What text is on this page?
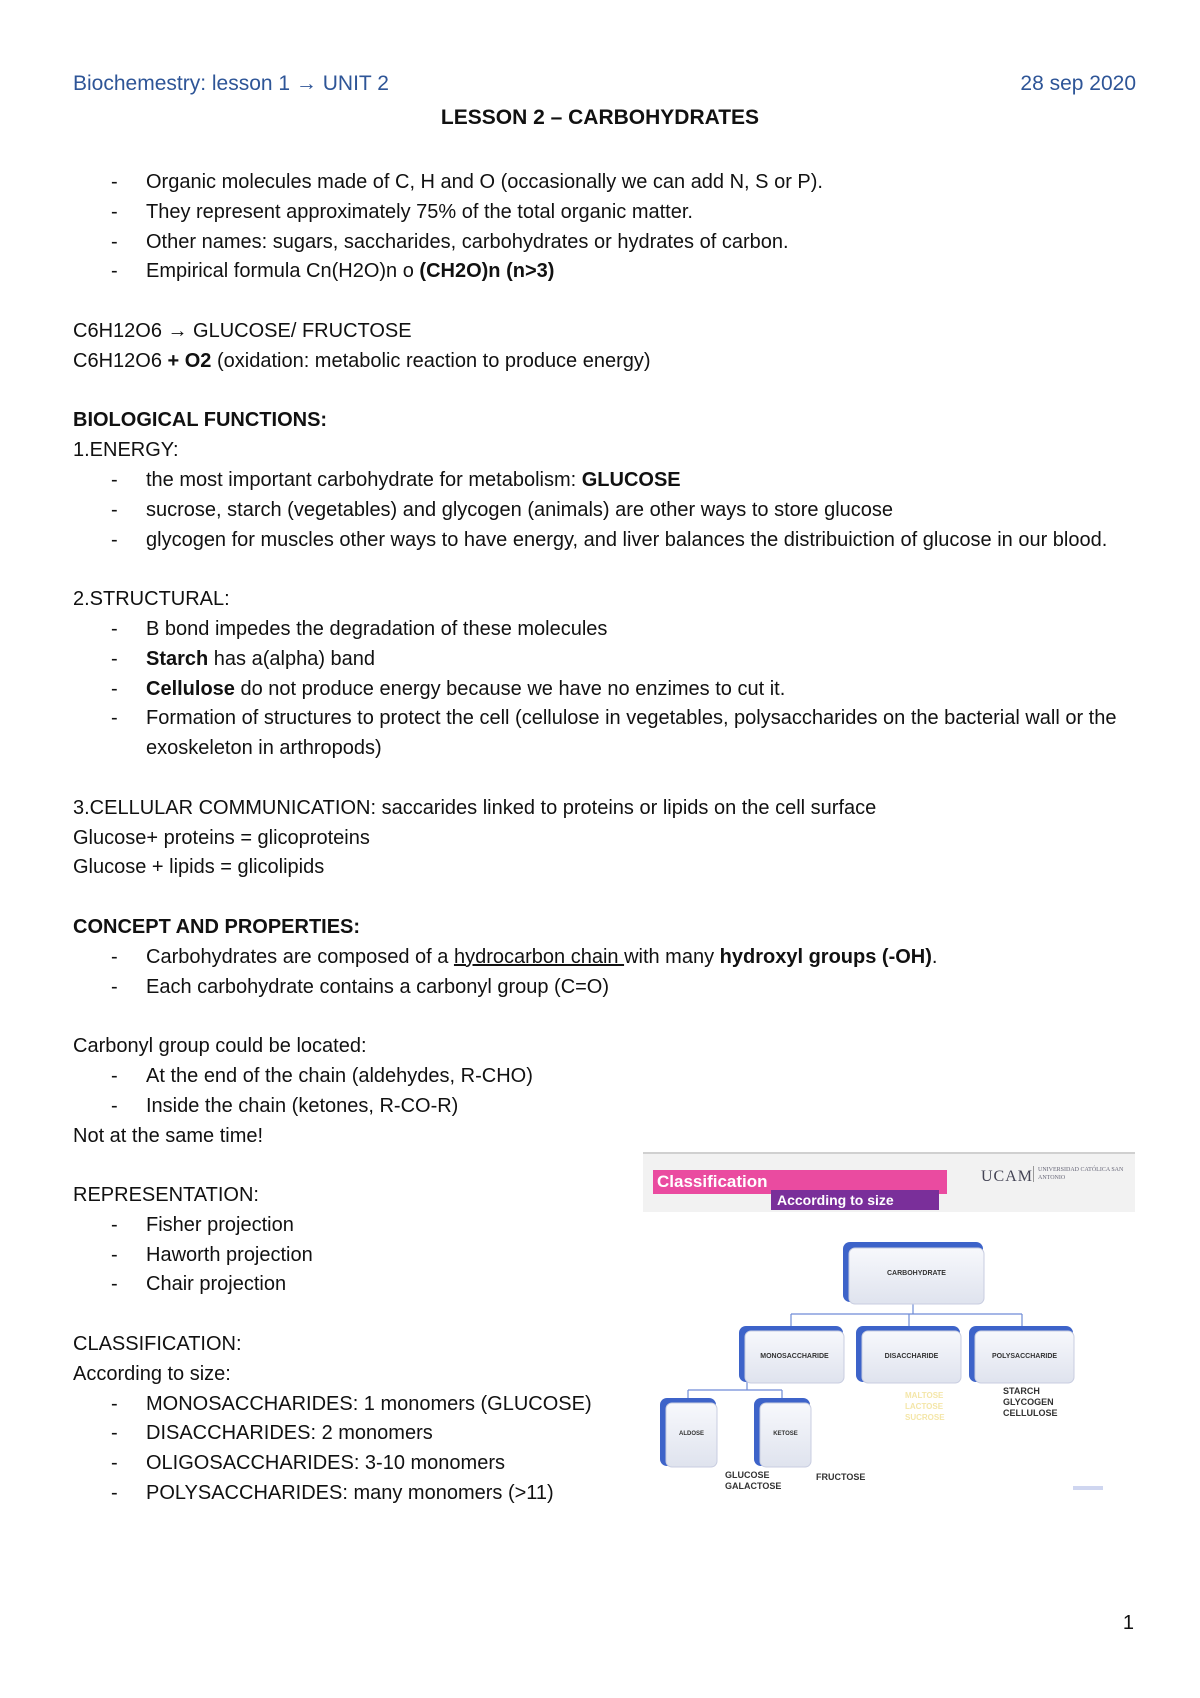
Biochemestry: lesson 1 → UNIT 2	28 sep 2020
LESSON 2 – CARBOHYDRATES
- Organic molecules made of C, H and O (occasionally we can add N, S or P).
- They represent approximately 75% of the total organic matter.
- Other names: sugars, saccharides, carbohydrates or hydrates of carbon.
- Empirical formula Cn(H2O)n o (CH2O)n (n>3)
C6H12O6 → GLUCOSE/ FRUCTOSE
C6H12O6 + O2 (oxidation: metabolic reaction to produce energy)
BIOLOGICAL FUNCTIONS:
1.ENERGY:
- the most important carbohydrate for metabolism: GLUCOSE
- sucrose, starch (vegetables) and glycogen (animals) are other ways to store glucose
- glycogen for muscles other ways to have energy, and liver balances the distribuiction of glucose in our blood.
2.STRUCTURAL:
- B bond impedes the degradation of these molecules
- Starch has a(alpha) band
- Cellulose do not produce energy because we have no enzimes to cut it.
- Formation of structures to protect the cell (cellulose in vegetables, polysaccharides on the bacterial wall or the exoskeleton in arthropods)
3.CELLULAR COMMUNICATION: saccarides linked to proteins or lipids on the cell surface
Glucose+ proteins = glicoproteins
Glucose + lipids = glicolipids
CONCEPT AND PROPERTIES:
- Carbohydrates are composed of a hydrocarbon chain with many hydroxyl groups (-OH).
- Each carbohydrate contains a carbonyl group (C=O)
Carbonyl group could be located:
- At the end of the chain (aldehydes, R-CHO)
- Inside the chain (ketones, R-CO-R)
Not at the same time!
REPRESENTATION:
- Fisher projection
- Haworth projection
- Chair projection
CLASSIFICATION:
According to size:
- MONOSACCHARIDES: 1 monomers (GLUCOSE)
- DISACCHARIDES: 2 monomers
- OLIGOSACCHARIDES: 3-10 monomers
- POLYSACCHARIDES: many monomers (>11)
Classification
According to size
UCAM UNIVERSIDAD CATÓLICA SAN ANTONIO
CARBOHYDRATE
MONOSACCHARIDE	DISACCHARIDE	POLYSACCHARIDE
ALDOSE	KETOSE
MALTOSE
LACTOSE
SUCROSE
STARCH
GLYCOGEN
CELLULOSE
GLUCOSE
GALACTOSE
FRUCTOSE
1
